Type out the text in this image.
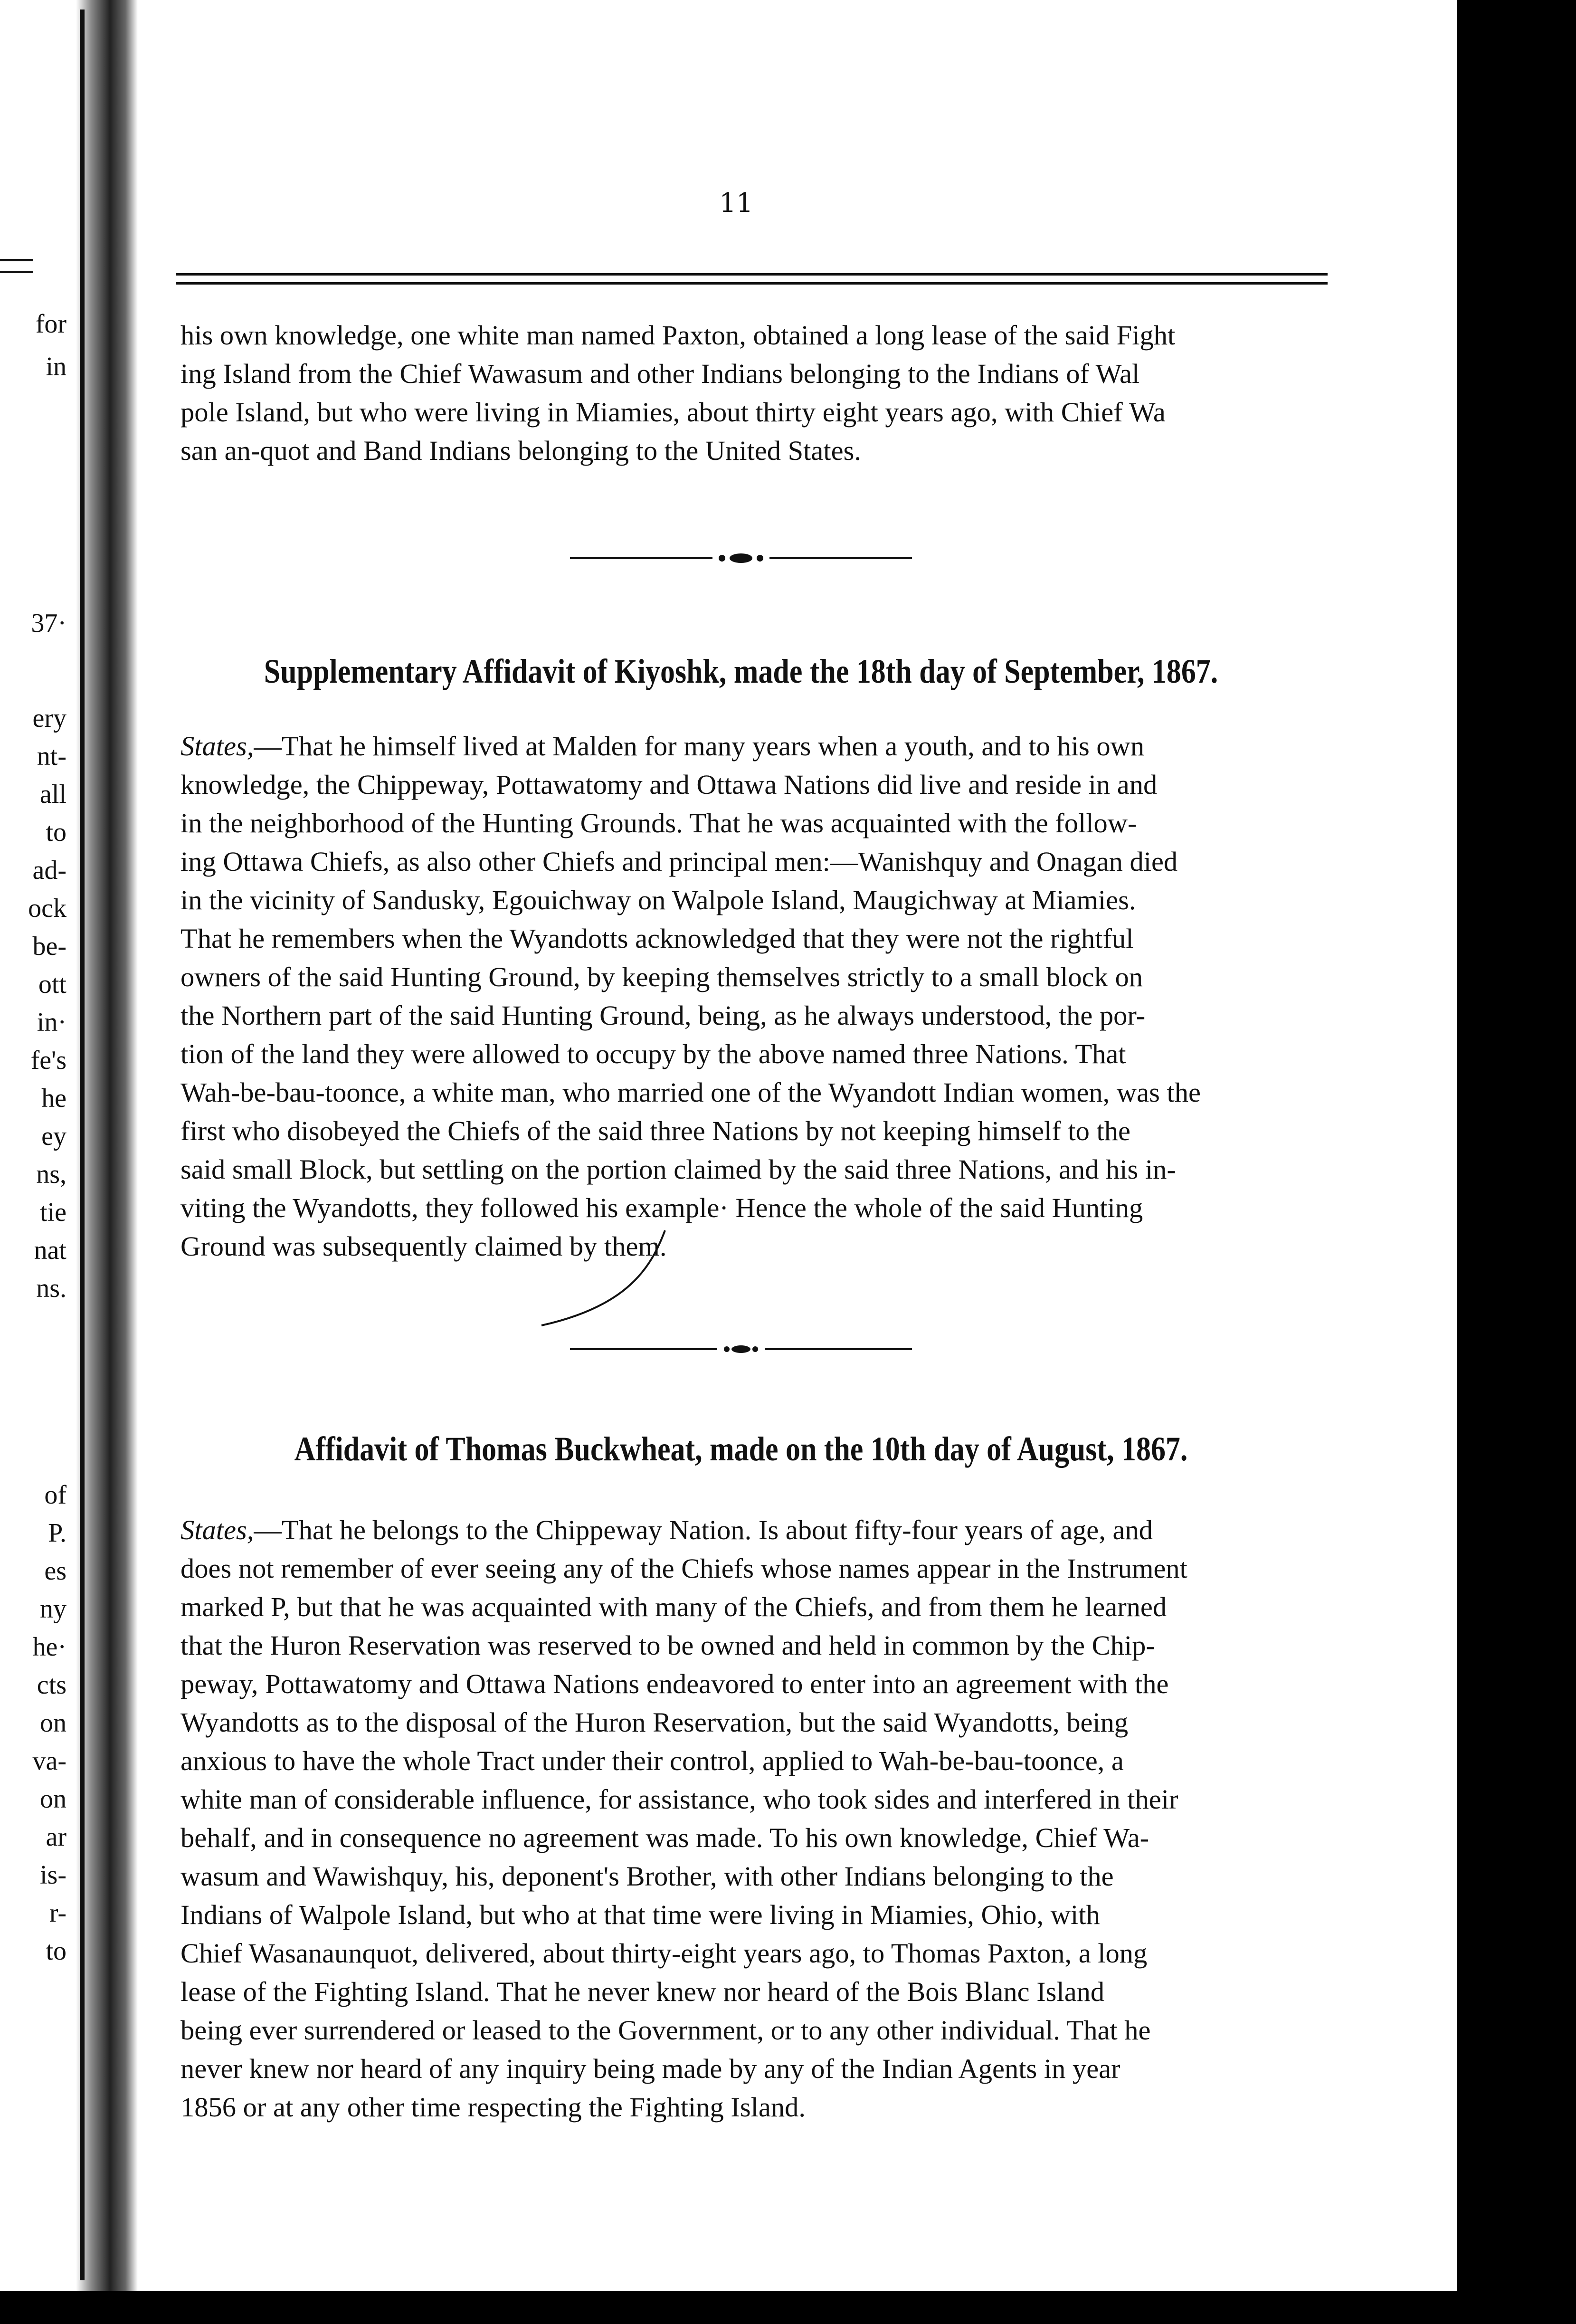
for
in
37·
ery
nt-
all
to
ad-
ock
be-
ott
in·
fe's
he
ey
ns,
tie
nat
ns.
of
P.
es
ny
he·
cts
on
va-
on
ar
is-
r-
to
11

his own knowledge, one white man named Paxton, obtained a long lease of the said Fight
ing Island from the Chief Wawasum and other Indians belonging to the Indians of Wal
pole Island, but who were living in Miamies, about thirty eight years ago, with Chief Wa
san an-quot and Band Indians belonging to the United States.

Supplementary Affidavit of Kiyoshk, made the 18th day of September, 1867.

States,—That he himself lived at Malden for many years when a youth, and to his own
knowledge, the Chippeway, Pottawatomy and Ottawa Nations did live and reside in and
in the neighborhood of the Hunting Grounds. That he was acquainted with the follow-
ing Ottawa Chiefs, as also other Chiefs and principal men:—Wanishquy and Onagan died
in the vicinity of Sandusky, Egouichway on Walpole Island, Maugichway at Miamies.
That he remembers when the Wyandotts acknowledged that they were not the rightful
owners of the said Hunting Ground, by keeping themselves strictly to a small block on
the Northern part of the said Hunting Ground, being, as he always understood, the por-
tion of the land they were allowed to occupy by the above named three Nations. That
Wah-be-bau-toonce, a white man, who married one of the Wyandott Indian women, was the
first who disobeyed the Chiefs of the said three Nations by not keeping himself to the
said small Block, but settling on the portion claimed by the said three Nations, and his in-
viting the Wyandotts, they followed his example· Hence the whole of the said Hunting
Ground was subsequently claimed by them.

Affidavit of Thomas Buckwheat, made on the 10th day of August, 1867.

States,—That he belongs to the Chippeway Nation. Is about fifty-four years of age, and
does not remember of ever seeing any of the Chiefs whose names appear in the Instrument
marked P, but that he was acquainted with many of the Chiefs, and from them he learned
that the Huron Reservation was reserved to be owned and held in common by the Chip-
peway, Pottawatomy and Ottawa Nations endeavored to enter into an agreement with the
Wyandotts as to the disposal of the Huron Reservation, but the said Wyandotts, being
anxious to have the whole Tract under their control, applied to Wah-be-bau-toonce, a
white man of considerable influence, for assistance, who took sides and interfered in their
behalf, and in consequence no agreement was made. To his own knowledge, Chief Wa-
wasum and Wawishquy, his, deponent's Brother, with other Indians belonging to the
Indians of Walpole Island, but who at that time were living in Miamies, Ohio, with
Chief Wasanaunquot, delivered, about thirty-eight years ago, to Thomas Paxton, a long
lease of the Fighting Island. That he never knew nor heard of the Bois Blanc Island
being ever surrendered or leased to the Government, or to any other individual. That he
never knew nor heard of any inquiry being made by any of the Indian Agents in year
1856 or at any other time respecting the Fighting Island.
